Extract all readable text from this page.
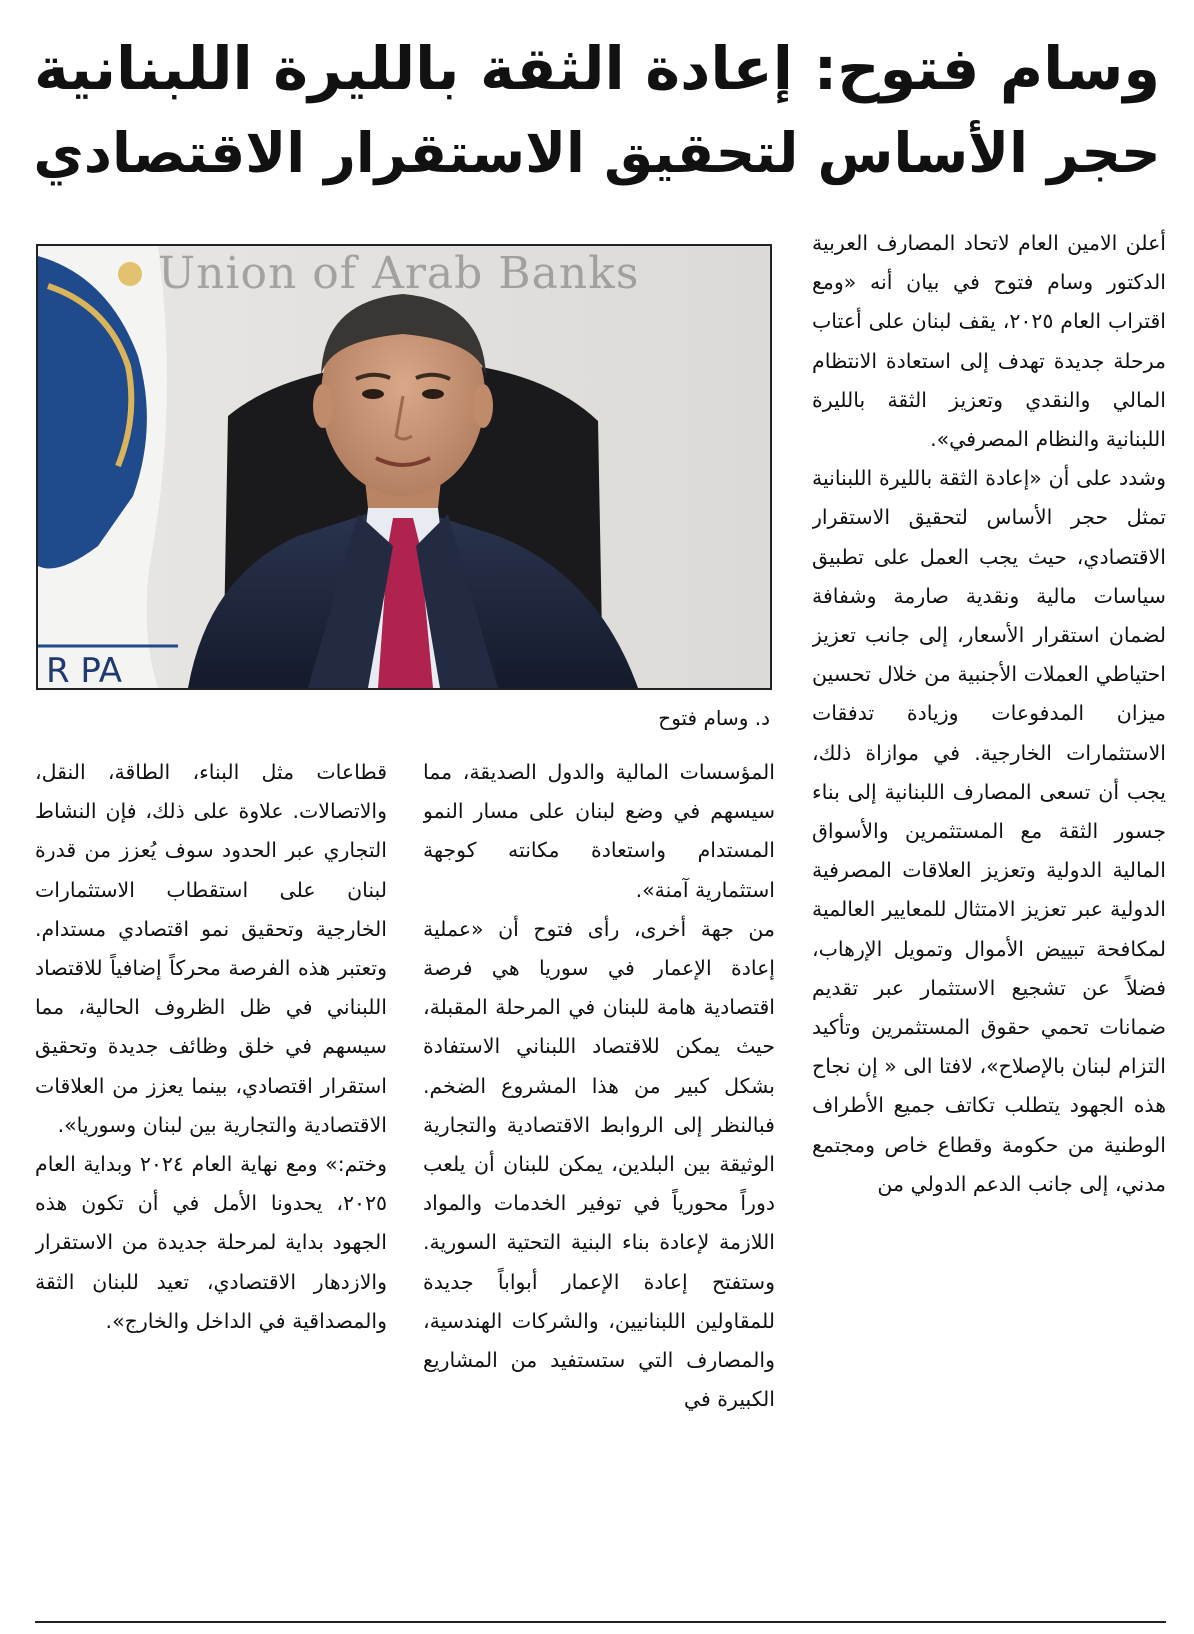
وسام فتوح: إعادة الثقة بالليرة اللبنانية
حجر الأساس لتحقيق الاستقرار الاقتصادي

أعلن الامين العام لاتحاد المصارف العربية الدكتور وسام فتوح في بيان أنه «ومع اقتراب العام ٢٠٢٥، يقف لبنان على أعتاب مرحلة جديدة تهدف إلى استعادة الانتظام المالي والنقدي وتعزيز الثقة بالليرة اللبنانية والنظام المصرفي».

وشدد على أن «إعادة الثقة بالليرة اللبنانية تمثل حجر الأساس لتحقيق الاستقرار الاقتصادي، حيث يجب العمل على تطبيق سياسات مالية ونقدية صارمة وشفافة لضمان استقرار الأسعار، إلى جانب تعزيز احتياطي العملات الأجنبية من خلال تحسين ميزان المدفوعات وزيادة تدفقات الاستثمارات الخارجية. في موازاة ذلك، يجب أن تسعى المصارف اللبنانية إلى بناء جسور الثقة مع المستثمرين والأسواق المالية الدولية وتعزيز العلاقات المصرفية الدولية عبر تعزيز الامتثال للمعايير العالمية لمكافحة تبييض الأموال وتمويل الإرهاب، فضلاً عن تشجيع الاستثمار عبر تقديم ضمانات تحمي حقوق المستثمرين وتأكيد التزام لبنان بالإصلاح»، لافتا الى « إن نجاح هذه الجهود يتطلب تكاتف جميع الأطراف الوطنية من حكومة وقطاع خاص ومجتمع مدني، إلى جانب الدعم الدولي من

R PA
Union of Arab Banks
د. وسام فتوح

المؤسسات المالية والدول الصديقة، مما سيسهم في وضع لبنان على مسار النمو المستدام واستعادة مكانته كوجهة استثمارية آمنة».

من جهة أخرى، رأى فتوح أن «عملية إعادة الإعمار في سوريا هي فرصة اقتصادية هامة للبنان في المرحلة المقبلة، حيث يمكن للاقتصاد اللبناني الاستفادة بشكل كبير من هذا المشروع الضخم. فبالنظر إلى الروابط الاقتصادية والتجارية الوثيقة بين البلدين، يمكن للبنان أن يلعب دوراً محورياً في توفير الخدمات والمواد اللازمة لإعادة بناء البنية التحتية السورية. وستفتح إعادة الإعمار أبواباً جديدة للمقاولين اللبنانيين، والشركات الهندسية، والمصارف التي ستستفيد من المشاريع الكبيرة في

قطاعات مثل البناء، الطاقة، النقل، والاتصالات. علاوة على ذلك، فإن النشاط التجاري عبر الحدود سوف يُعزز من قدرة لبنان على استقطاب الاستثمارات الخارجية وتحقيق نمو اقتصادي مستدام. وتعتبر هذه الفرصة محركاً إضافياً للاقتصاد اللبناني في ظل الظروف الحالية، مما سيسهم في خلق وظائف جديدة وتحقيق استقرار اقتصادي، بينما يعزز من العلاقات الاقتصادية والتجارية بين لبنان وسوريا».

وختم:» ومع نهاية العام ٢٠٢٤ وبداية العام ٢٠٢٥، يحدونا الأمل في أن تكون هذه الجهود بداية لمرحلة جديدة من الاستقرار والازدهار الاقتصادي، تعيد للبنان الثقة والمصداقية في الداخل والخارج».
